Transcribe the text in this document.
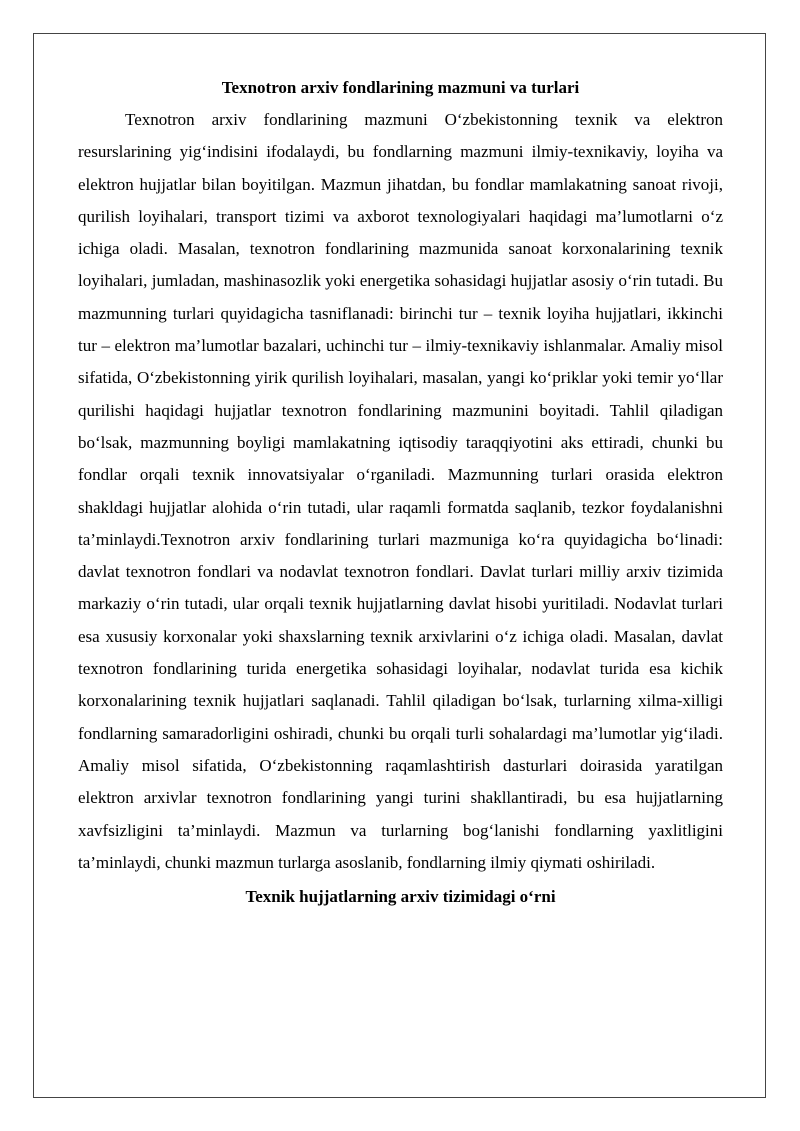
Texnotron arxiv fondlarining mazmuni va turlari

Texnotron arxiv fondlarining mazmuni O‘zbekistonning texnik va elektron resurslarining yig‘indisini ifodalaydi, bu fondlarning mazmuni ilmiy-texnikaviy, loyiha va elektron hujjatlar bilan boyitilgan. Mazmun jihatdan, bu fondlar mamlakatning sanoat rivoji, qurilish loyihalari, transport tizimi va axborot texnologiyalari haqidagi ma’lumotlarni o‘z ichiga oladi. Masalan, texnotron fondlarining mazmunida sanoat korxonalarining texnik loyihalari, jumladan, mashinasozlik yoki energetika sohasidagi hujjatlar asosiy o‘rin tutadi. Bu mazmunning turlari quyidagicha tasniflanadi: birinchi tur – texnik loyiha hujjatlari, ikkinchi tur – elektron ma’lumotlar bazalari, uchinchi tur – ilmiy-texnikaviy ishlanmalar. Amaliy misol sifatida, O‘zbekistonning yirik qurilish loyihalari, masalan, yangi ko‘priklar yoki temir yo‘llar qurilishi haqidagi hujjatlar texnotron fondlarining mazmunini boyitadi. Tahlil qiladigan bo‘lsak, mazmunning boyligi mamlakatning iqtisodiy taraqqiyotini aks ettiradi, chunki bu fondlar orqali texnik innovatsiyalar o‘rganiladi. Mazmunning turlari orasida elektron shakldagi hujjatlar alohida o‘rin tutadi, ular raqamli formatda saqlanib, tezkor foydalanishni ta’minlaydi.Texnotron arxiv fondlarining turlari mazmuniga ko‘ra quyidagicha bo‘linadi: davlat texnotron fondlari va nodavlat texnotron fondlari. Davlat turlari milliy arxiv tizimida markaziy o‘rin tutadi, ular orqali texnik hujjatlarning davlat hisobi yuritiladi. Nodavlat turlari esa xususiy korxonalar yoki shaxslarning texnik arxivlarini o‘z ichiga oladi. Masalan, davlat texnotron fondlarining turida energetika sohasidagi loyihalar, nodavlat turida esa kichik korxonalarining texnik hujjatlari saqlanadi. Tahlil qiladigan bo‘lsak, turlarning xilma-xilligi fondlarning samaradorligini oshiradi, chunki bu orqali turli sohalardagi ma’lumotlar yig‘iladi. Amaliy misol sifatida, O‘zbekistonning raqamlashtirish dasturlari doirasida yaratilgan elektron arxivlar texnotron fondlarining yangi turini shakllantiradi, bu esa hujjatlarning xavfsizligini ta’minlaydi. Mazmun va turlarning bog‘lanishi fondlarning yaxlitligini ta’minlaydi, chunki mazmun turlarga asoslanib, fondlarning ilmiy qiymati oshiriladi.

Texnik hujjatlarning arxiv tizimidagi o‘rni
